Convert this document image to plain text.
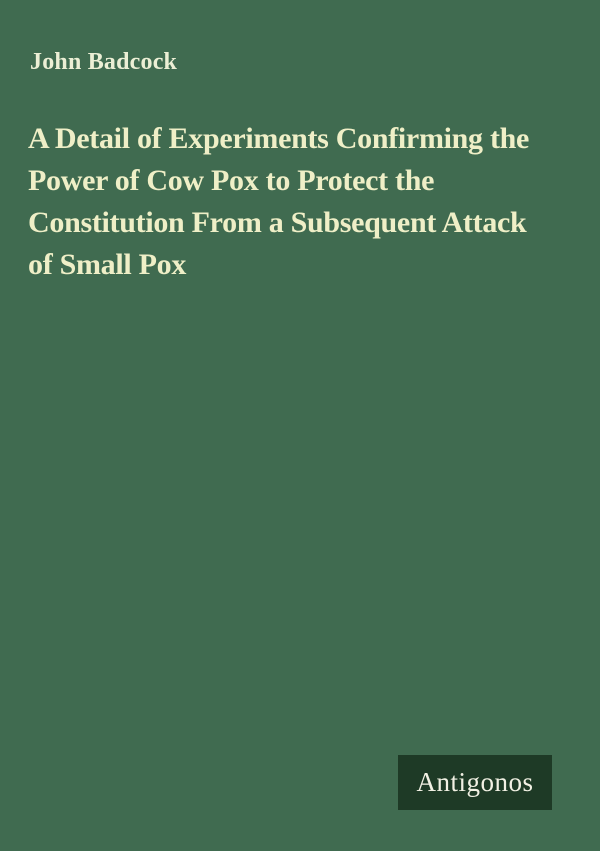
John Badcock
A Detail of Experiments Confirming the
Power of Cow Pox to Protect the
Constitution From a Subsequent Attack
of Small Pox
Antigonos
